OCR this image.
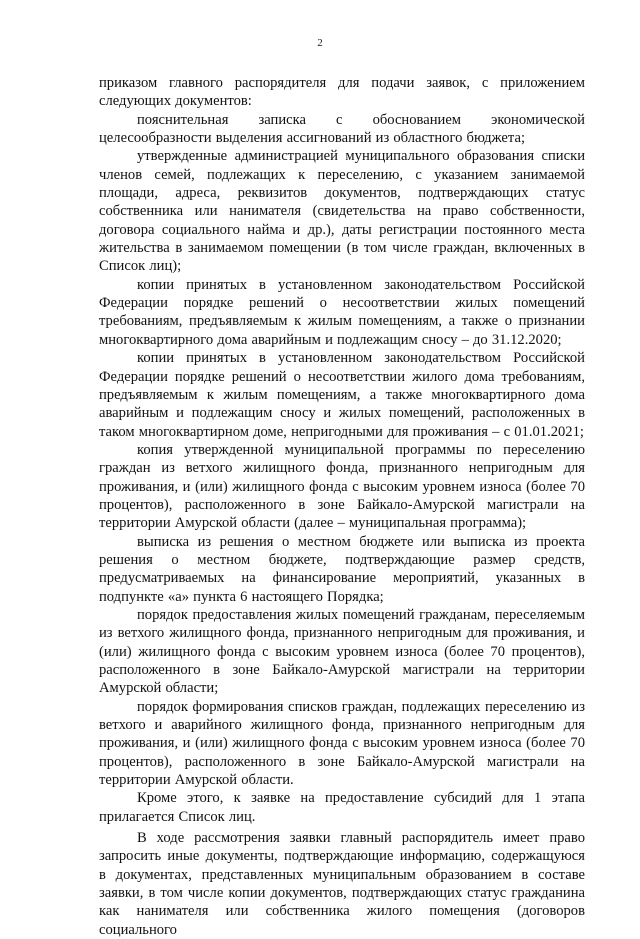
2

приказом главного распорядителя для подачи заявок, с приложением следующих документов:

пояснительная записка с обоснованием экономической целесообразности выделения ассигнований из областного бюджета;

утвержденные администрацией муниципального образования списки членов семей, подлежащих к переселению, с указанием занимаемой площади, адреса, реквизитов документов, подтверждающих статус собственника или нанимателя (свидетельства на право собственности, договора социального найма и др.), даты регистрации постоянного места жительства в занимаемом помещении (в том числе граждан, включенных в Список лиц);

копии принятых в установленном законодательством Российской Федерации порядке решений о несоответствии жилых помещений требованиям, предъявляемым к жилым помещениям, а также о признании многоквартирного дома аварийным и подлежащим сносу – до 31.12.2020;

копии принятых в установленном законодательством Российской Федерации порядке решений о несоответствии жилого дома требованиям, предъявляемым к жилым помещениям, а также многоквартирного дома аварийным и подлежащим сносу и жилых помещений, расположенных в таком многоквартирном доме, непригодными для проживания – с 01.01.2021;

копия утвержденной муниципальной программы по переселению граждан из ветхого жилищного фонда, признанного непригодным для проживания, и (или) жилищного фонда с высоким уровнем износа (более 70 процентов), расположенного в зоне Байкало-Амурской магистрали на территории Амурской области (далее – муниципальная программа);

выписка из решения о местном бюджете или выписка из проекта решения о местном бюджете, подтверждающие размер средств, предусматриваемых на финансирование мероприятий, указанных в подпункте «а» пункта 6 настоящего Порядка;

порядок предоставления жилых помещений гражданам, переселяемым из ветхого жилищного фонда, признанного непригодным для проживания, и (или) жилищного фонда с высоким уровнем износа (более 70 процентов), расположенного в зоне Байкало-Амурской магистрали на территории Амурской области;

порядок формирования списков граждан, подлежащих переселению из ветхого и аварийного жилищного фонда, признанного непригодным для проживания, и (или) жилищного фонда с высоким уровнем износа (более 70 процентов), расположенного в зоне Байкало-Амурской магистрали на территории Амурской области.

Кроме этого, к заявке на предоставление субсидий для 1 этапа прилагается Список лиц.

В ходе рассмотрения заявки главный распорядитель имеет право запросить иные документы, подтверждающие информацию, содержащуюся в документах, представленных муниципальным образованием в составе заявки, в том числе копии документов, подтверждающих статус гражданина как нанимателя или собственника жилого помещения (договоров социального
